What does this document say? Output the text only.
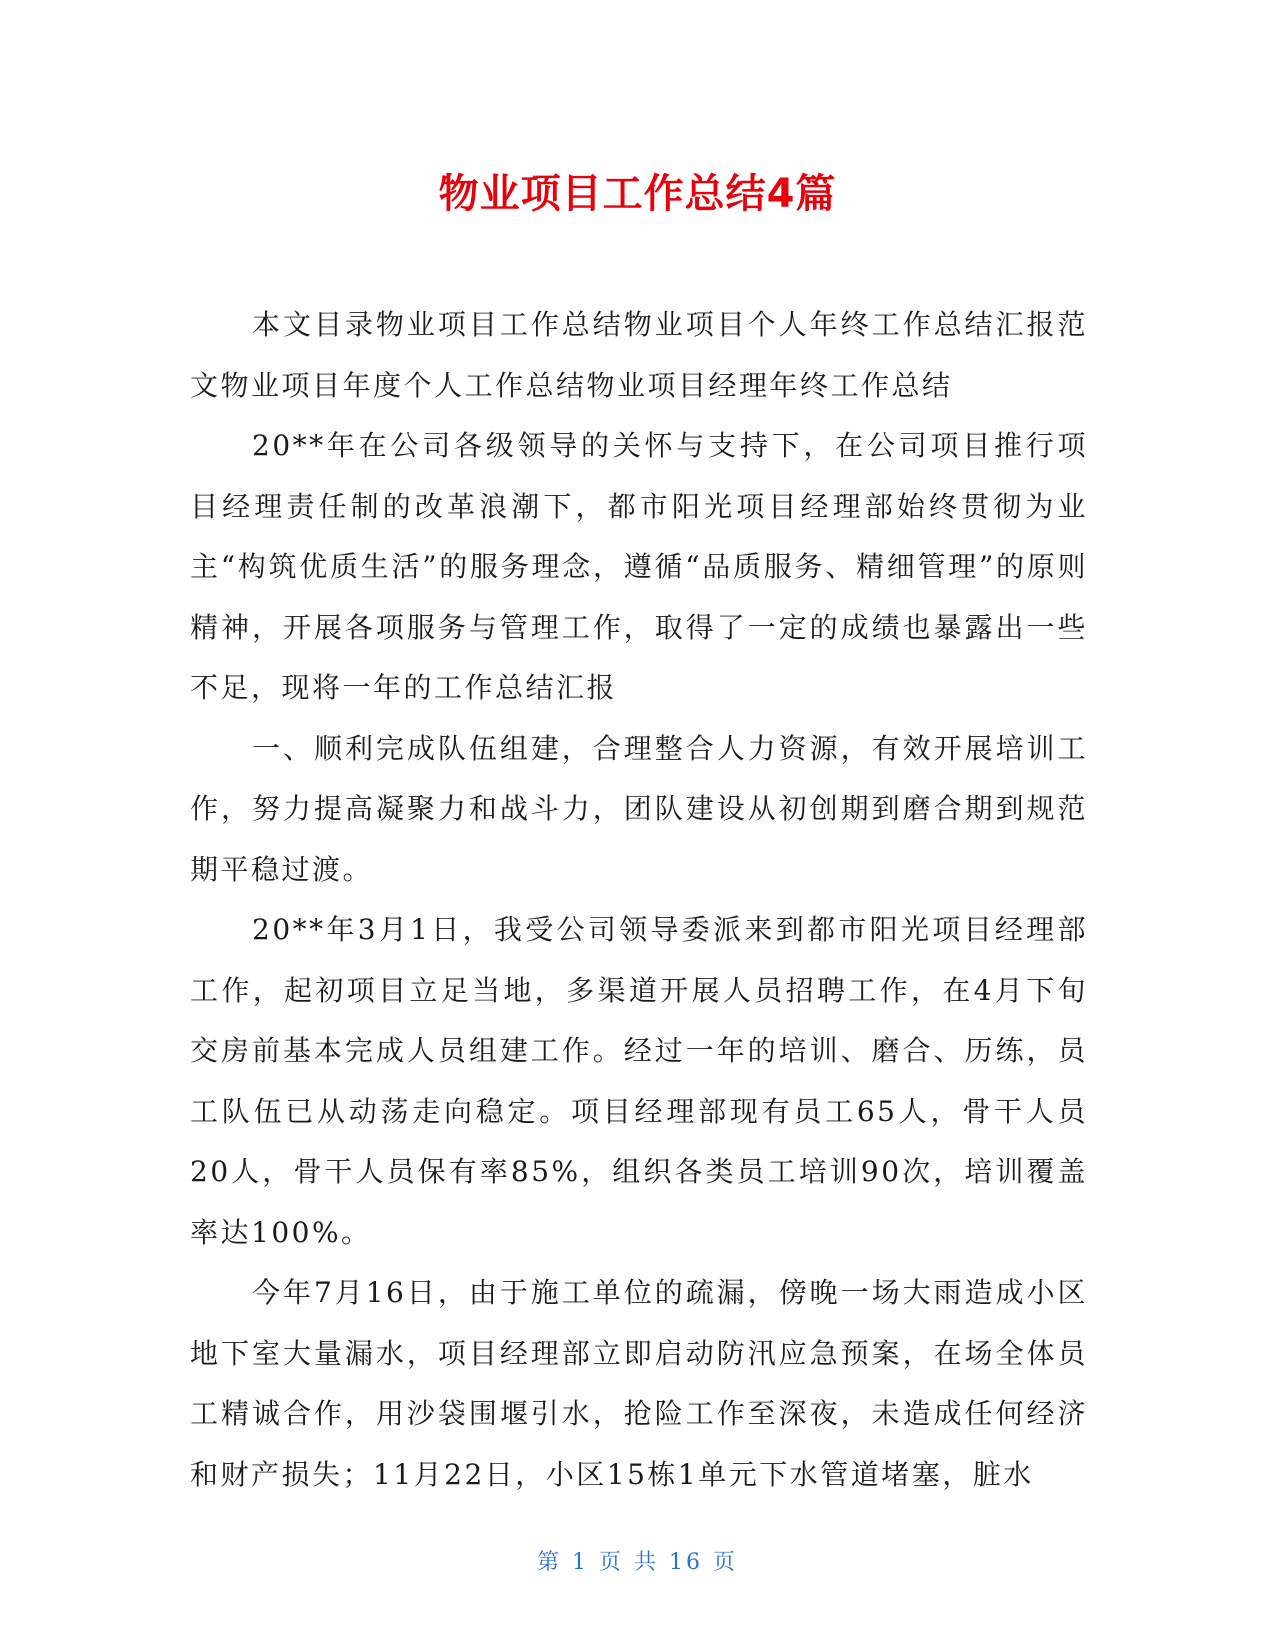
物业项目工作总结4篇

本文目录物业项目工作总结物业项目个人年终工作总结汇报范文物业项目年度个人工作总结物业项目经理年终工作总结

20**年在公司各级领导的关怀与支持下，在公司项目推行项目经理责任制的改革浪潮下，都市阳光项目经理部始终贯彻为业主“构筑优质生活”的服务理念，遵循“品质服务、精细管理”的原则精神，开展各项服务与管理工作，取得了一定的成绩也暴露出一些不足，现将一年的工作总结汇报

一、顺利完成队伍组建，合理整合人力资源，有效开展培训工作，努力提高凝聚力和战斗力，团队建设从初创期到磨合期到规范期平稳过渡。

20**年3月1日，我受公司领导委派来到都市阳光项目经理部工作，起初项目立足当地，多渠道开展人员招聘工作，在4月下旬交房前基本完成人员组建工作。经过一年的培训、磨合、历练，员工队伍已从动荡走向稳定。项目经理部现有员工65人，骨干人员20人，骨干人员保有率85%，组织各类员工培训90次，培训覆盖率达100%。

今年7月16日，由于施工单位的疏漏，傍晚一场大雨造成小区地下室大量漏水，项目经理部立即启动防汛应急预案，在场全体员工精诚合作，用沙袋围堰引水，抢险工作至深夜，未造成任何经济和财产损失；11月22日，小区15栋1单元下水管道堵塞，脏水

第 1 页 共 16 页
